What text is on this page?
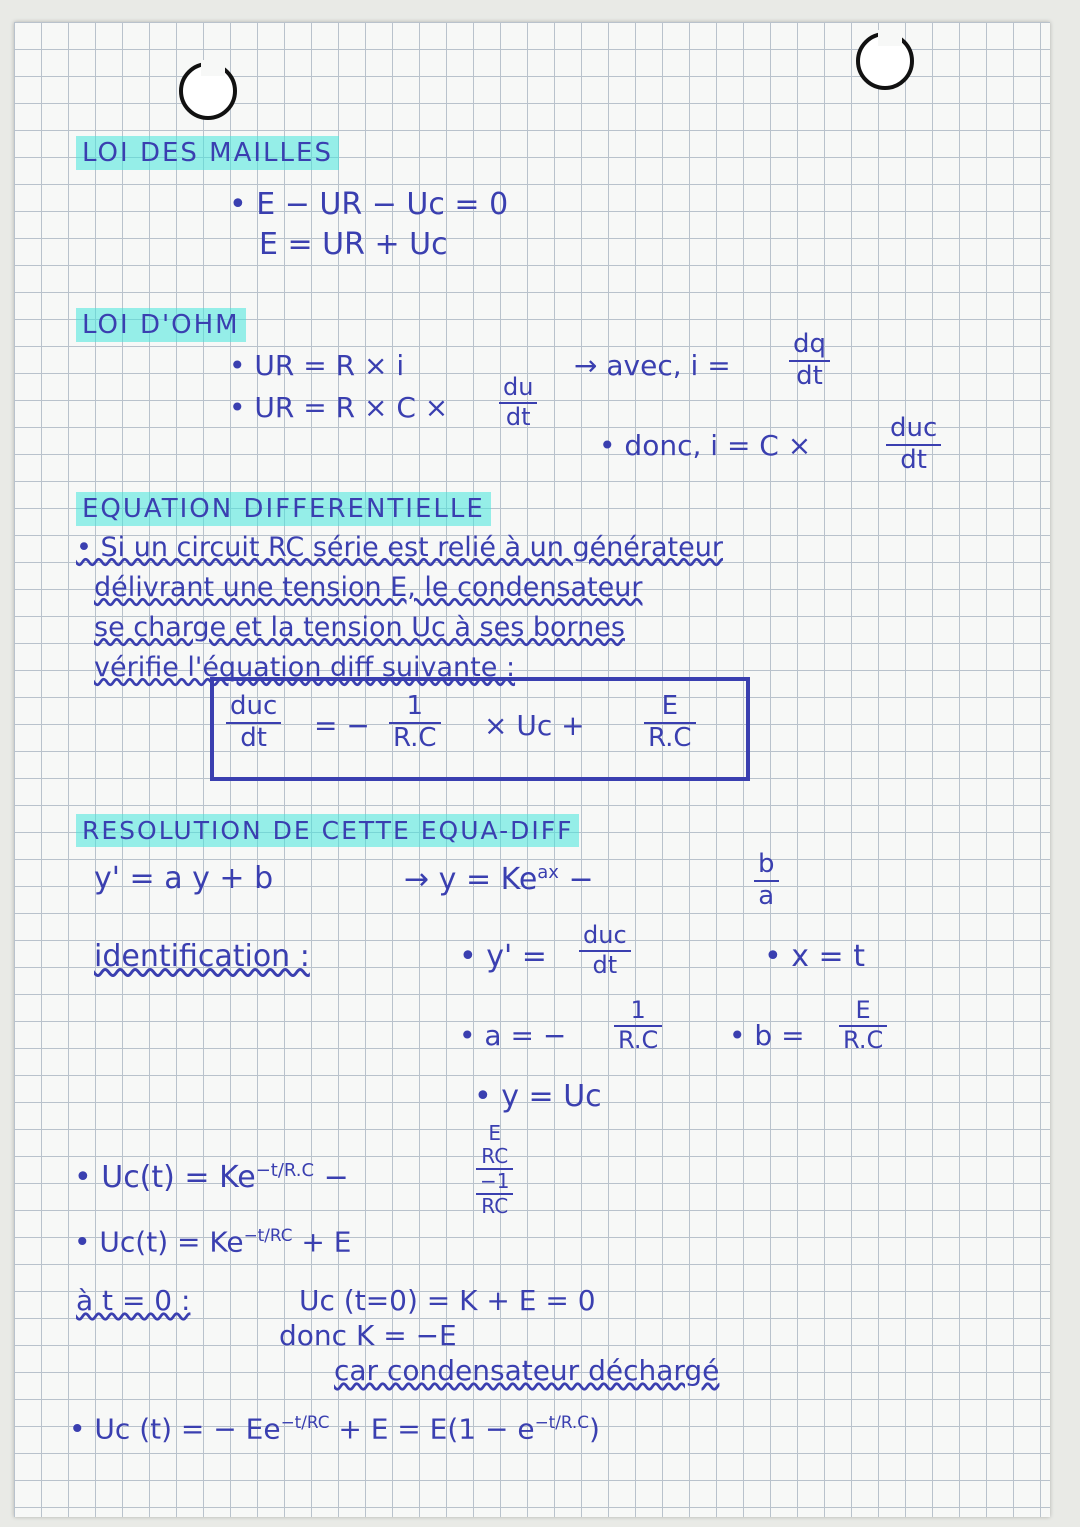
LOI DES MAILLES
• E − UR − Uc = 0
E = UR + Uc
LOI D'OHM
• UR = R × i
• UR = $R \times C \times \frac{du}{dt}$
→ avec, $i = \frac{dq}{dt}$
• donc, i = C ×
duc
dt
EQUATION DIFFERENTIELLE
• Si un circuit RC série est relié à un générateur
délivrant une tension E, le condensateur
se charge et la tension Uc à ses bornes
vérifie l'équation diff suivante :
duc
dt	= − $\frac{1}{R.C} \times Uc + \frac{E}{R.C}$
RESOLUTION DE CETTE EQUA-DIFF
y' = a y + b	→ $y = Ke^{ax}$ −	$\frac{b}{a}$
identification :	• y' =
duc
dt	• x = t
• a = − $\frac{1}{R.C}$ • $b = \frac{E}{R.C}$
• y = Uc
• $Uc(t) = Ke^{-t/R.C}$ −
E
RC
−1
RC
• $Uc(t) = Ke^{-t/RC} + E$
à t = 0 :	Uc (t=0) = K + E = 0
donc K = −E
car condensateur déchargé
• Uc (t) = − $Ee^{-t/RC} + E = E(1 - e^{-t/R.C})$
